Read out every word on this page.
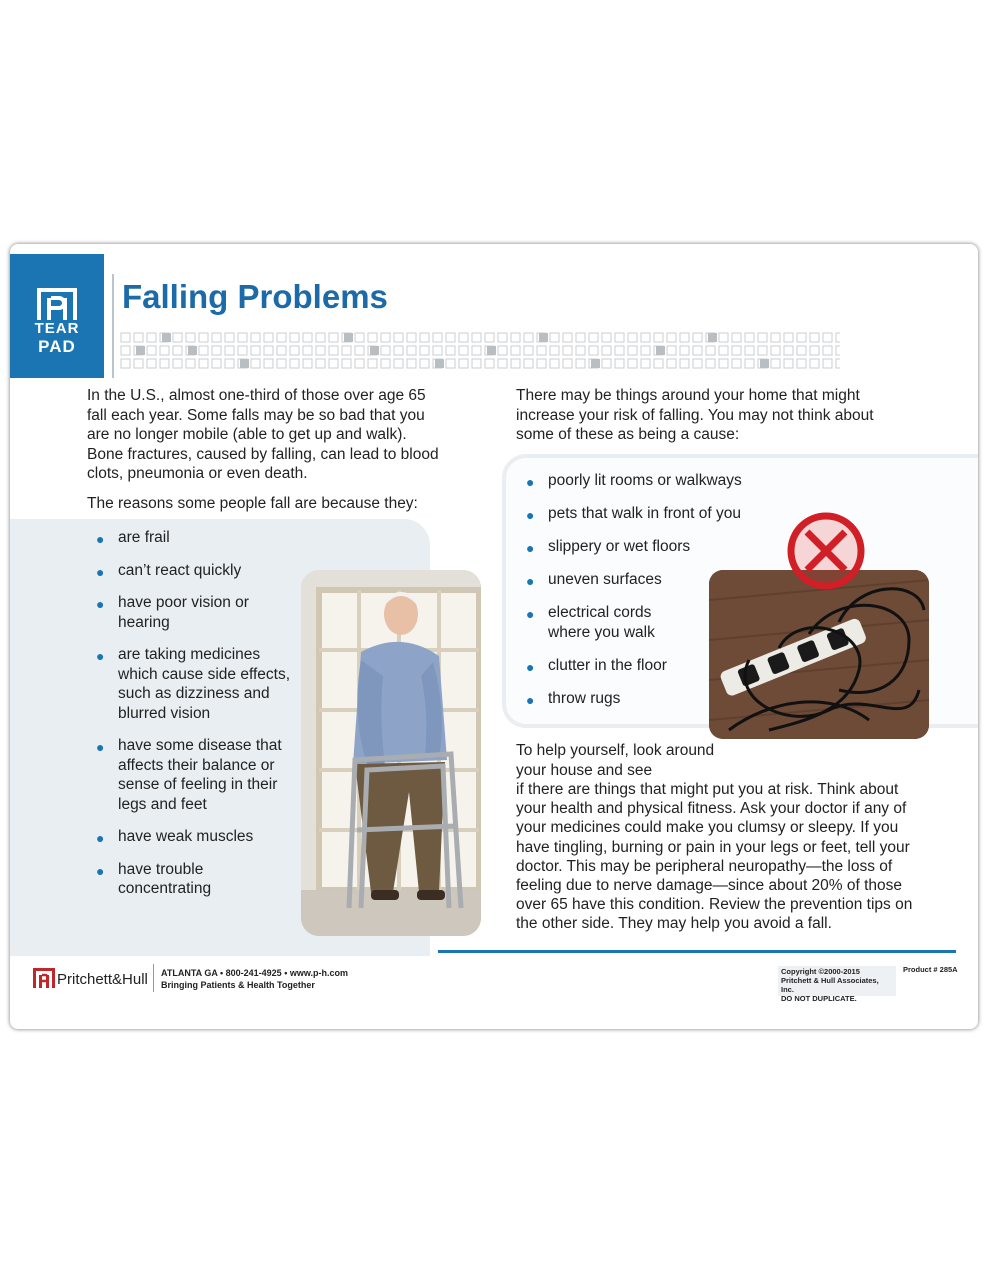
TEAR
PAD
Falling Problems

In the U.S., almost one-third of those over age 65 fall each year. Some falls may be so bad that you are no longer mobile (able to get up and walk). Bone fractures, caused by falling, can lead to blood clots, pneumonia or even death.

The reasons some people fall are because they:

● are frail
● can’t react quickly
● have poor vision or hearing
● are taking medicines which cause side effects, such as dizziness and blurred vision
● have some disease that affects their balance or sense of feeling in their legs and feet
● have weak muscles
● have trouble concentrating

There may be things around your home that might increase your risk of falling. You may not think about some of these as being a cause:

● poorly lit rooms or walkways
● pets that walk in front of you
● slippery or wet floors
● uneven surfaces
● electrical cords where you walk
● clutter in the floor
● throw rugs

To help yourself, look around your house and see

if there are things that might put you at risk. Think about your health and physical fitness. Ask your doctor if any of your medicines could make you clumsy or sleepy. If you have tingling, burning or pain in your legs or feet, tell your doctor. This may be peripheral neuropathy—the loss of feeling due to nerve damage—since about 20% of those over 65 have this condition. Review the prevention tips on the other side. They may help you avoid a fall.

Pritchett&Hull ATLANTA GA • 800-241-4925 • www.p-h.com
Bringing Patients & Health Together
Copyright ©2000-2015
Pritchett & Hull Associates, Inc.
DO NOT DUPLICATE.
Product # 285A
